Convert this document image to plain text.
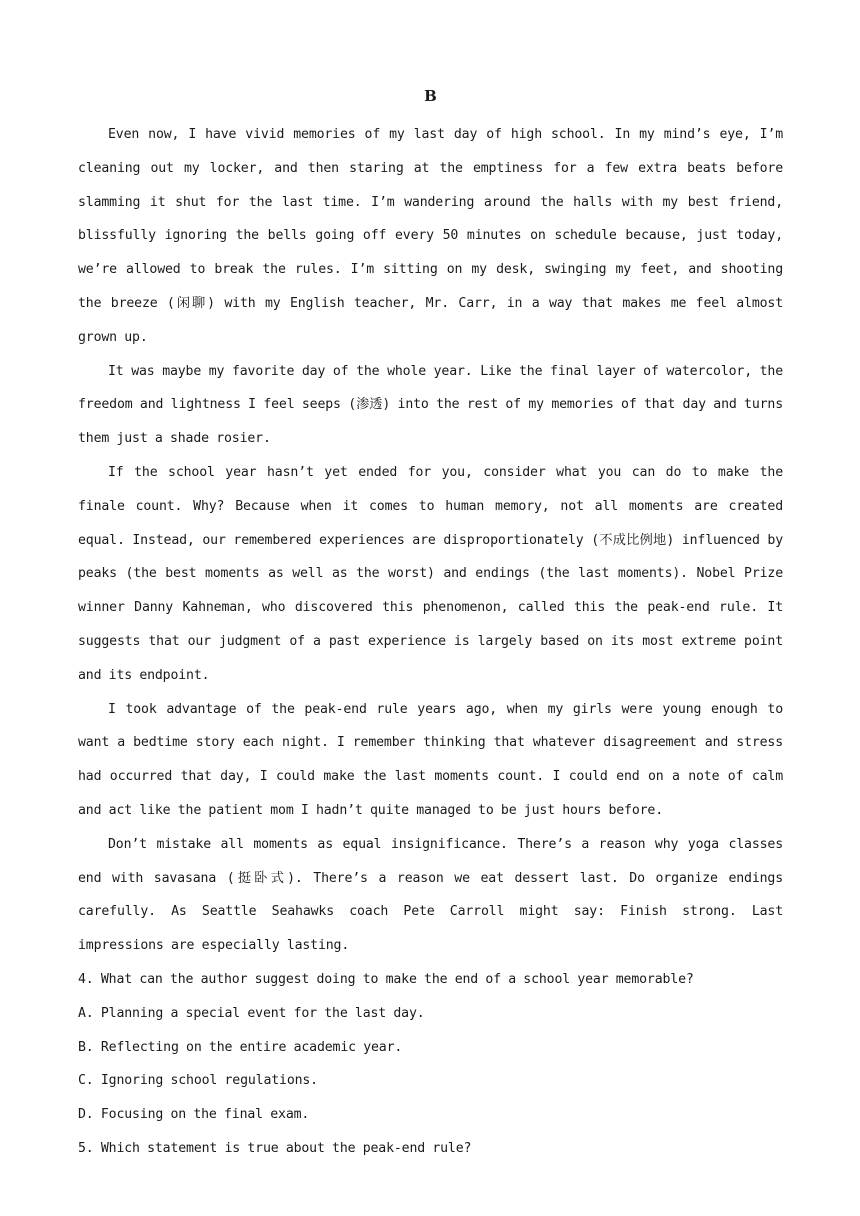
B

Even now, I have vivid memories of my last day of high school. In my mind’s eye, I’m cleaning out my locker, and then staring at the emptiness for a few extra beats before slamming it shut for the last time. I’m wandering around the halls with my best friend, blissfully ignoring the bells going off every 50 minutes on schedule because, just today, we’re allowed to break the rules. I’m sitting on my desk, swinging my feet, and shooting the breeze (闲聊) with my English teacher, Mr. Carr, in a way that makes me feel almost grown up.

It was maybe my favorite day of the whole year. Like the final layer of watercolor, the freedom and lightness I feel seeps (渗透) into the rest of my memories of that day and turns them just a shade rosier.

If the school year hasn’t yet ended for you, consider what you can do to make the finale count. Why? Because when it comes to human memory, not all moments are created equal. Instead, our remembered experiences are disproportionately (不成比例地) influenced by peaks (the best moments as well as the worst) and endings (the last moments). Nobel Prize winner Danny Kahneman, who discovered this phenomenon, called this the peak-end rule. It suggests that our judgment of a past experience is largely based on its most extreme point and its endpoint.

I took advantage of the peak-end rule years ago, when my girls were young enough to want a bedtime story each night. I remember thinking that whatever disagreement and stress had occurred that day, I could make the last moments count. I could end on a note of calm and act like the patient mom I hadn’t quite managed to be just hours before.

Don’t mistake all moments as equal insignificance. There’s a reason why yoga classes end with savasana (挺卧式). There’s a reason we eat dessert last. Do organize endings carefully. As Seattle Seahawks coach Pete Carroll might say: Finish strong. Last impressions are especially lasting.

4. What can the author suggest doing to make the end of a school year memorable?

A. Planning a special event for the last day.

B. Reflecting on the entire academic year.

C. Ignoring school regulations.

D. Focusing on the final exam.

5. Which statement is true about the peak-end rule?
